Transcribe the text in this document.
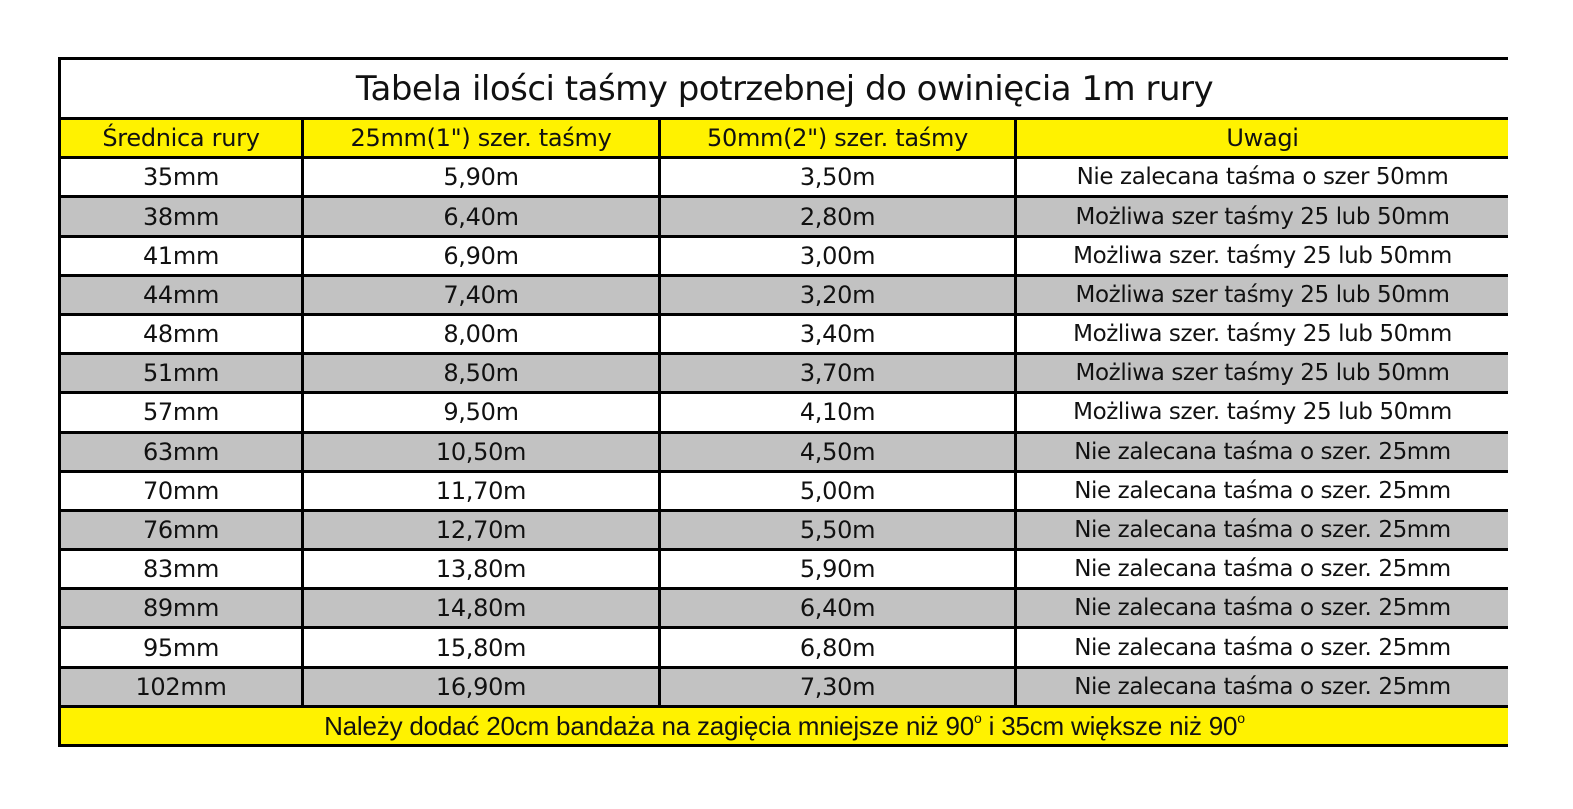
Tabela ilości taśmy potrzebnej do owinięcia 1m rury			
Średnica rury	25mm(1") szer. taśmy	50mm(2") szer. taśmy	Uwagi
35mm	5,90m	3,50m	Nie zalecana taśma o szer 50mm
38mm	6,40m	2,80m	Możliwa szer taśmy 25 lub 50mm
41mm	6,90m	3,00m	Możliwa szer. taśmy 25 lub 50mm
44mm	7,40m	3,20m	Możliwa szer taśmy 25 lub 50mm
48mm	8,00m	3,40m	Możliwa szer. taśmy 25 lub 50mm
51mm	8,50m	3,70m	Możliwa szer taśmy 25 lub 50mm
57mm	9,50m	4,10m	Możliwa szer. taśmy 25 lub 50mm
63mm	10,50m	4,50m	Nie zalecana taśma o szer. 25mm
70mm	11,70m	5,00m	Nie zalecana taśma o szer. 25mm
76mm	12,70m	5,50m	Nie zalecana taśma o szer. 25mm
83mm	13,80m	5,90m	Nie zalecana taśma o szer. 25mm
89mm	14,80m	6,40m	Nie zalecana taśma o szer. 25mm
95mm	15,80m	6,80m	Nie zalecana taśma o szer. 25mm
102mm	16,90m	7,30m	Nie zalecana taśma o szer. 25mm
Należy dodać 20cm bandaża na zagięcia mniejsze niż 90$^o$ i 35cm większe niż 90$^o$
